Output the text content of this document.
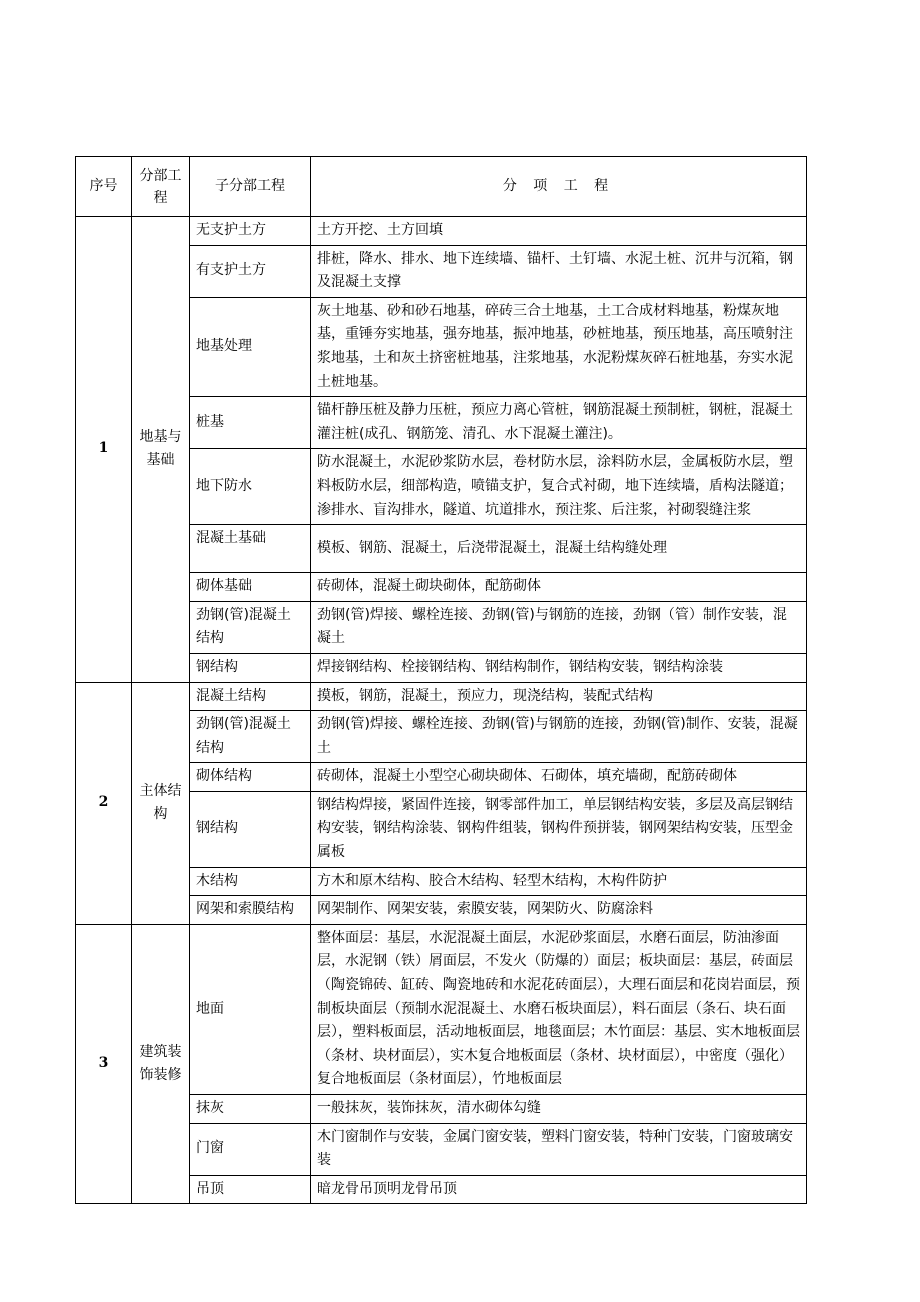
序号	分部工程	子分部工程	分 项 工 程
1	地基与基础	无支护土方	土方开挖、土方回填
		有支护土方	排桩，降水、排水、地下连续墙、锚杆、土钉墙、水泥土桩、沉井与沉箱，钢及混凝土支撑
		地基处理	灰土地基、砂和砂石地基，碎砖三合土地基，土工合成材料地基，粉煤灰地基，重锤夯实地基，强夯地基，振冲地基，砂桩地基，预压地基，高压喷射注浆地基，土和灰土挤密桩地基，注浆地基，水泥粉煤灰碎石桩地基，夯实水泥土桩地基。
		桩基	锚杆静压桩及静力压桩，预应力离心管桩，钢筋混凝土预制桩，钢桩，混凝土灌注桩(成孔、钢筋笼、清孔、水下混凝土灌注)。
		地下防水	防水混凝土，水泥砂浆防水层，卷材防水层，涂料防水层，金属板防水层，塑料板防水层，细部构造，喷锚支护，复合式衬砌，地下连续墙，盾构法隧道；渗排水、盲沟排水，隧道、坑道排水，预注浆、后注浆，衬砌裂缝注浆
		混凝土基础	模板、钢筋、混凝土，后浇带混凝土，混凝土结构缝处理
		砌体基础	砖砌体，混凝土砌块砌体，配筋砌体
		劲钢(管)混凝土结构	劲钢(管)焊接、螺栓连接、劲钢(管)与钢筋的连接，劲钢（管）制作安装，混凝土
		钢结构	焊接钢结构、栓接钢结构、钢结构制作，钢结构安装，钢结构涂装
2	主体结构	混凝土结构	摸板，钢筋，混凝土，预应力，现浇结构，装配式结构
		劲钢(管)混凝土结构	劲钢(管)焊接、螺栓连接、劲钢(管)与钢筋的连接，劲钢(管)制作、安装，混凝土
		砌体结构	砖砌体，混凝土小型空心砌块砌体、石砌体，填充墙砌，配筋砖砌体
		钢结构	钢结构焊接，紧固件连接，钢零部件加工，单层钢结构安装，多层及高层钢结构安装，钢结构涂装、钢构件组装，钢构件预拼装，钢网架结构安装，压型金属板
		木结构	方木和原木结构、胶合木结构、轻型木结构，木构件防护
		网架和索膜结构	网架制作、网架安装，索膜安装，网架防火、防腐涂料
3	建筑装饰装修	地面	整体面层：基层，水泥混凝土面层，水泥砂浆面层，水磨石面层，防油渗面层，水泥钢（铁）屑面层，不发火（防爆的）面层；板块面层：基层，砖面层（陶瓷锦砖、缸砖、陶瓷地砖和水泥花砖面层），大理石面层和花岗岩面层，预制板块面层（预制水泥混凝土、水磨石板块面层），料石面层（条石、块石面层），塑料板面层，活动地板面层，地毯面层；木竹面层：基层、实木地板面层（条材、块材面层），实木复合地板面层（条材、块材面层），中密度（强化）复合地板面层（条材面层），竹地板面层
		抹灰	一般抹灰，装饰抹灰，清水砌体勾缝
		门窗	木门窗制作与安装，金属门窗安装，塑料门窗安装，特种门安装，门窗玻璃安装
		吊顶	暗龙骨吊顶明龙骨吊顶
